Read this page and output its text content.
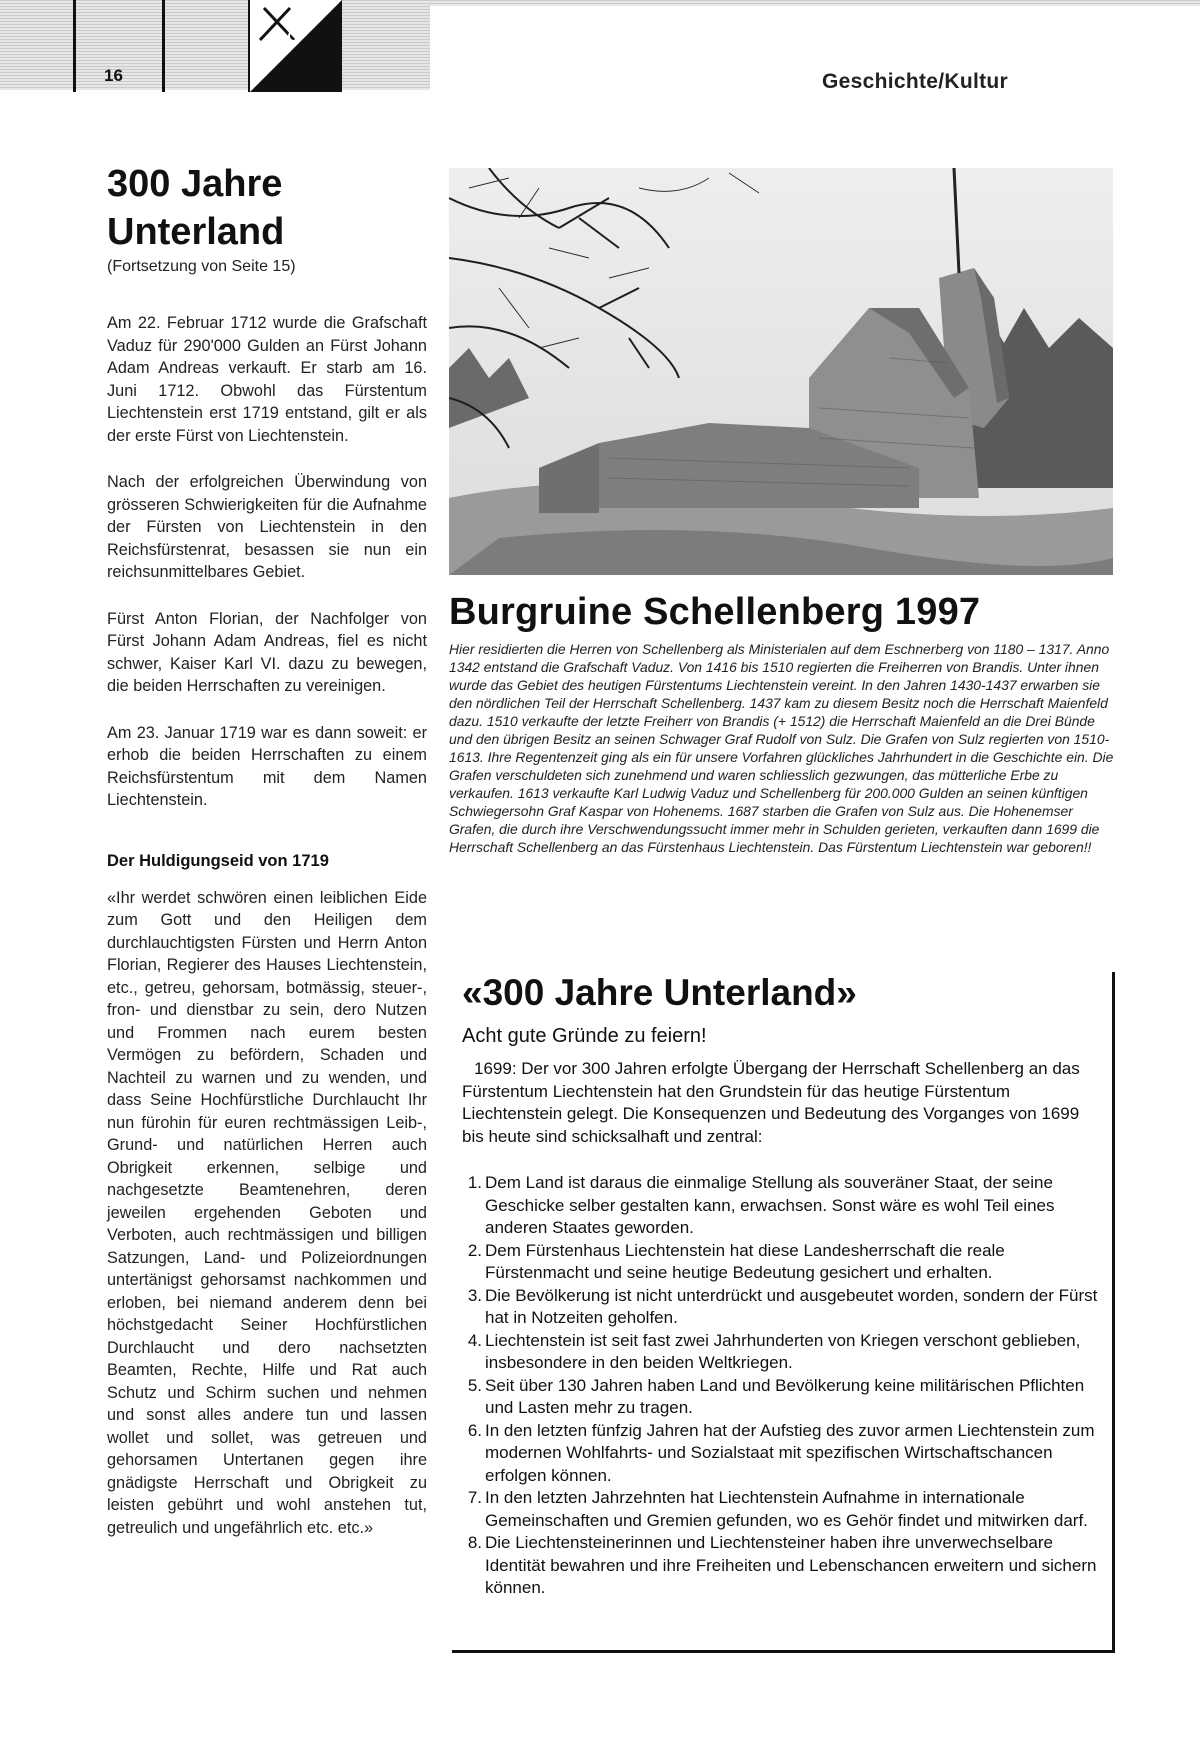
16	Geschichte/Kultur
300 Jahre
Unterland
(Fortsetzung von Seite 15)

Am 22. Februar 1712 wurde die Grafschaft Vaduz für 290'000 Gulden an Fürst Johann Adam Andreas verkauft. Er starb am 16. Juni 1712. Obwohl das Fürstentum Liechtenstein erst 1719 entstand, gilt er als der erste Fürst von Liechtenstein.

Nach der erfolgreichen Überwindung von grösseren Schwierigkeiten für die Aufnahme der Fürsten von Liechtenstein in den Reichsfürstenrat, besassen sie nun ein reichsunmittelbares Gebiet.

Fürst Anton Florian, der Nachfolger von Fürst Johann Adam Andreas, fiel es nicht schwer, Kaiser Karl VI. dazu zu bewegen, die beiden Herrschaften zu vereinigen.

Am 23. Januar 1719 war es dann soweit: er erhob die beiden Herrschaften zu einem Reichsfürstentum mit dem Namen Liechtenstein.

Der Huldigungseid von 1719

«Ihr werdet schwören einen leiblichen Eide zum Gott und den Heiligen dem durchlauchtigsten Fürsten und Herrn Anton Florian, Regierer des Hauses Liechtenstein, etc., getreu, gehorsam, botmässig, steuer-, fron- und dienstbar zu sein, dero Nutzen und Frommen nach eurem besten Vermögen zu befördern, Schaden und Nachteil zu warnen und zu wenden, und dass Seine Hochfürstliche Durchlaucht Ihr nun fürohin für euren rechtmässigen Leib-, Grund- und natürlichen Herren auch Obrigkeit erkennen, selbige und nachgesetzte Beamtenehren, deren jeweilen ergehenden Geboten und Verboten, auch rechtmässigen und billigen Satzungen, Land- und Polizeiordnungen untertänigst gehorsamst nachkommen und erloben, bei niemand anderem denn bei höchstgedacht Seiner Hochfürstlichen Durchlaucht und dero nachsetzten Beamten, Rechte, Hilfe und Rat auch Schutz und Schirm suchen und nehmen und sonst alles andere tun und lassen wollet und sollet, was getreuen und gehorsamen Untertanen gegen ihre gnädigste Herrschaft und Obrigkeit zu leisten gebührt und wohl anstehen tut, getreulich und ungefährlich etc. etc.»

Burgruine Schellenberg 1997

Hier residierten die Herren von Schellenberg als Ministerialen auf dem Eschnerberg von 1180 – 1317. Anno 1342 entstand die Grafschaft Vaduz. Von 1416 bis 1510 regierten die Freiherren von Brandis. Unter ihnen wurde das Gebiet des heutigen Fürstentums Liechtenstein vereint. In den Jahren 1430-1437 erwarben sie den nördlichen Teil der Herrschaft Schellenberg. 1437 kam zu diesem Besitz noch die Herrschaft Maienfeld dazu. 1510 verkaufte der letzte Freiherr von Brandis (+ 1512) die Herrschaft Maienfeld an die Drei Bünde und den übrigen Besitz an seinen Schwager Graf Rudolf von Sulz. Die Grafen von Sulz regierten von 1510-1613. Ihre Regentenzeit ging als ein für unsere Vorfahren glückliches Jahrhundert in die Geschichte ein. Die Grafen verschuldeten sich zunehmend und waren schliesslich gezwungen, das mütterliche Erbe zu verkaufen. 1613 verkaufte Karl Ludwig Vaduz und Schellenberg für 200.000 Gulden an seinen künftigen Schwiegersohn Graf Kaspar von Hohenems. 1687 starben die Grafen von Sulz aus. Die Hohenemser Grafen, die durch ihre Verschwendungssucht immer mehr in Schulden gerieten, verkauften dann 1699 die Herrschaft Schellenberg an das Fürstenhaus Liechtenstein. Das Fürstentum Liechtenstein war geboren!!

«300 Jahre Unterland»
Acht gute Gründe zu feiern!

1699: Der vor 300 Jahren erfolgte Übergang der Herrschaft Schellenberg an das Fürstentum Liechtenstein hat den Grundstein für das heutige Fürstentum Liechtenstein gelegt. Die Konsequenzen und Bedeutung des Vorganges von 1699 bis heute sind schicksalhaft und zentral:

1. Dem Land ist daraus die einmalige Stellung als souveräner Staat, der seine Geschicke selber gestalten kann, erwachsen. Sonst wäre es wohl Teil eines anderen Staates geworden.
2. Dem Fürstenhaus Liechtenstein hat diese Landesherrschaft die reale Fürstenmacht und seine heutige Bedeutung gesichert und erhalten.
3. Die Bevölkerung ist nicht unterdrückt und ausgebeutet worden, sondern der Fürst hat in Notzeiten geholfen.
4. Liechtenstein ist seit fast zwei Jahrhunderten von Kriegen verschont geblieben, insbesondere in den beiden Weltkriegen.
5. Seit über 130 Jahren haben Land und Bevölkerung keine militärischen Pflichten und Lasten mehr zu tragen.
6. In den letzten fünfzig Jahren hat der Aufstieg des zuvor armen Liechtenstein zum modernen Wohlfahrts- und Sozialstaat mit spezifischen Wirtschaftschancen erfolgen können.
7. In den letzten Jahrzehnten hat Liechtenstein Aufnahme in internationale Gemeinschaften und Gremien gefunden, wo es Gehör findet und mitwirken darf.
8. Die Liechtensteinerinnen und Liechtensteiner haben ihre unverwechselbare Identität bewahren und ihre Freiheiten und Lebenschancen erweitern und sichern können.
